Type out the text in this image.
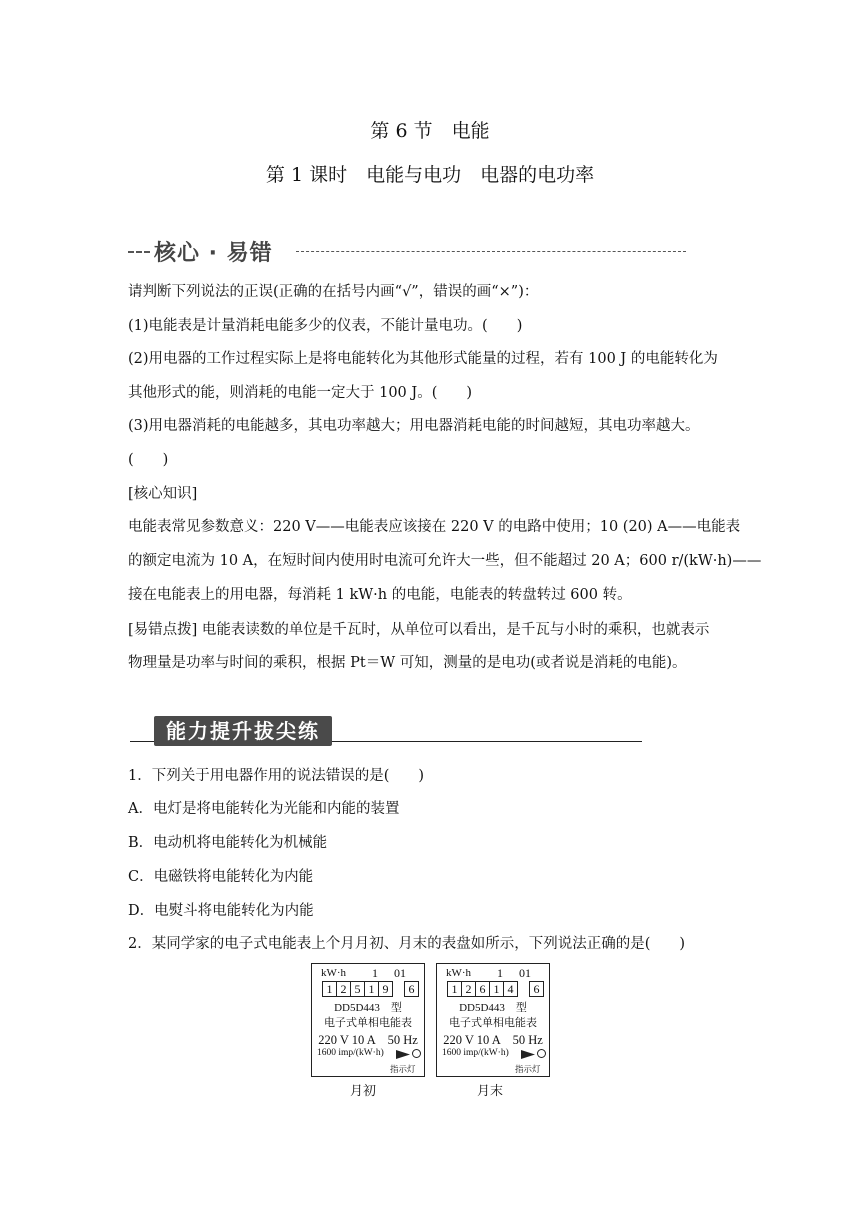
第 6 节　电能
第 1 课时　电能与电功　电器的电功率
核心 · 易错
请判断下列说法的正误(正确的在括号内画“√”，错误的画“×”)：
(1)电能表是计量消耗电能多少的仪表，不能计量电功。(　　)
(2)用电器的工作过程实际上是将电能转化为其他形式能量的过程，若有 100 J 的电能转化为
其他形式的能，则消耗的电能一定大于 100 J。(　　)
(3)用电器消耗的电能越多，其电功率越大；用电器消耗电能的时间越短，其电功率越大。
(　　)
[核心知识]
电能表常见参数意义：220 V——电能表应该接在 220 V 的电路中使用；10 (20) A——电能表
的额定电流为 10 A，在短时间内使用时电流可允许大一些，但不能超过 20 A；600 r/(kW·h)——
接在电能表上的用电器，每消耗 1 kW·h 的电能，电能表的转盘转过 600 转。
[易错点拨] 电能表读数的单位是千瓦时，从单位可以看出，是千瓦与小时的乘积，也就表示
物理量是功率与时间的乘积，根据 Pt＝W 可知，测量的是电功(或者说是消耗的电能)。
能力提升拔尖练
1．下列关于用电器作用的说法错误的是(　　)
A．电灯是将电能转化为光能和内能的装置
B．电动机将电能转化为机械能
C．电磁铁将电能转化为内能
D．电熨斗将电能转化为内能
2．某同学家的电子式电能表上个月月初、月末的表盘如所示，下列说法正确的是(　　)
kW·h 1 01
1 2 5 1 9	6
DD5D443　型
电子式单相电能表
220 V 10 A　50 Hz
1600 imp/(kW·h)
指示灯
月初
kW·h 1 01
1 2 6 1 4	6
DD5D443　型
电子式单相电能表
220 V 10 A　50 Hz
1600 imp/(kW·h)
指示灯
月末
